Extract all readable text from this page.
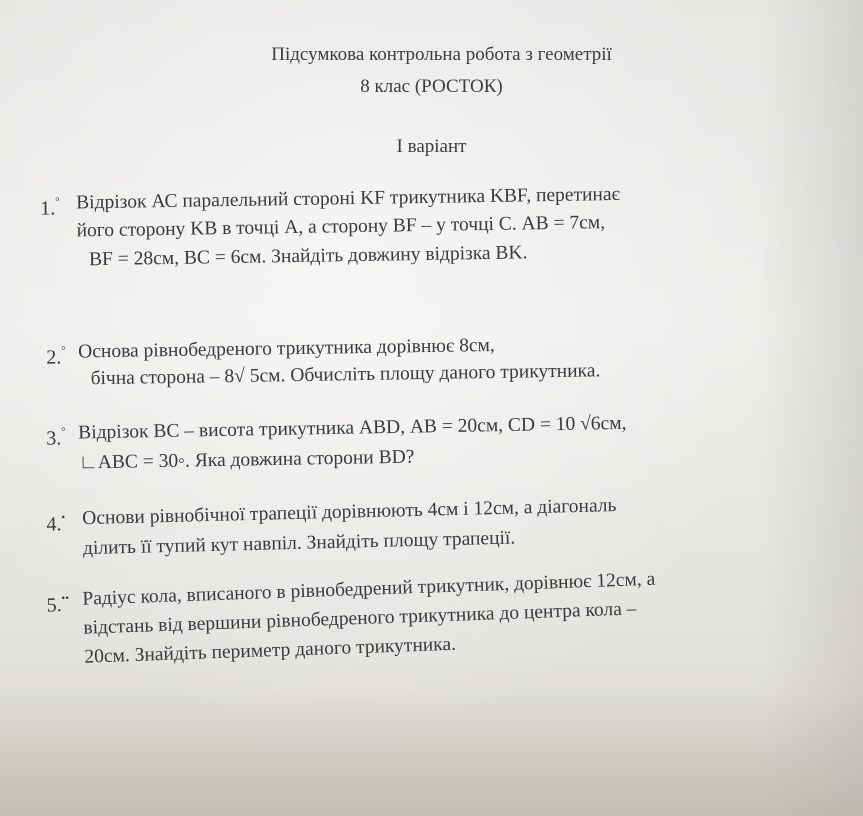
Підсумкова контрольна робота з геометрії
8 клас (РОСТОК)
І варіант
1.° Відрізок АС паралельний стороні KF трикутника KBF, перетинає
його сторону KB в точці А, а сторону BF – у точці С. АВ = 7см,
BF = 28см, ВС = 6см. Знайдіть довжину відрізка ВK.
2.° Основа рівнобедреного трикутника дорівнює 8см,
бічна сторона – 8√ 5см. Обчисліть площу даного трикутника.
3.° Відрізок ВС – висота трикутника ABD, АВ = 20см, CD = 10 √6см,
∟ABC = 30◦. Яка довжина сторони BD?
4.• Основи рівнобічної трапеції дорівнюють 4см і 12см, а діагональ
ділить її тупий кут навпіл. Знайдіть площу трапеції.
5.•• Радіус кола, вписаного в рівнобедрений трикутник, дорівнює 12см, а
відстань від вершини рівнобедреного трикутника до центра кола –
20см. Знайдіть периметр даного трикутника.
